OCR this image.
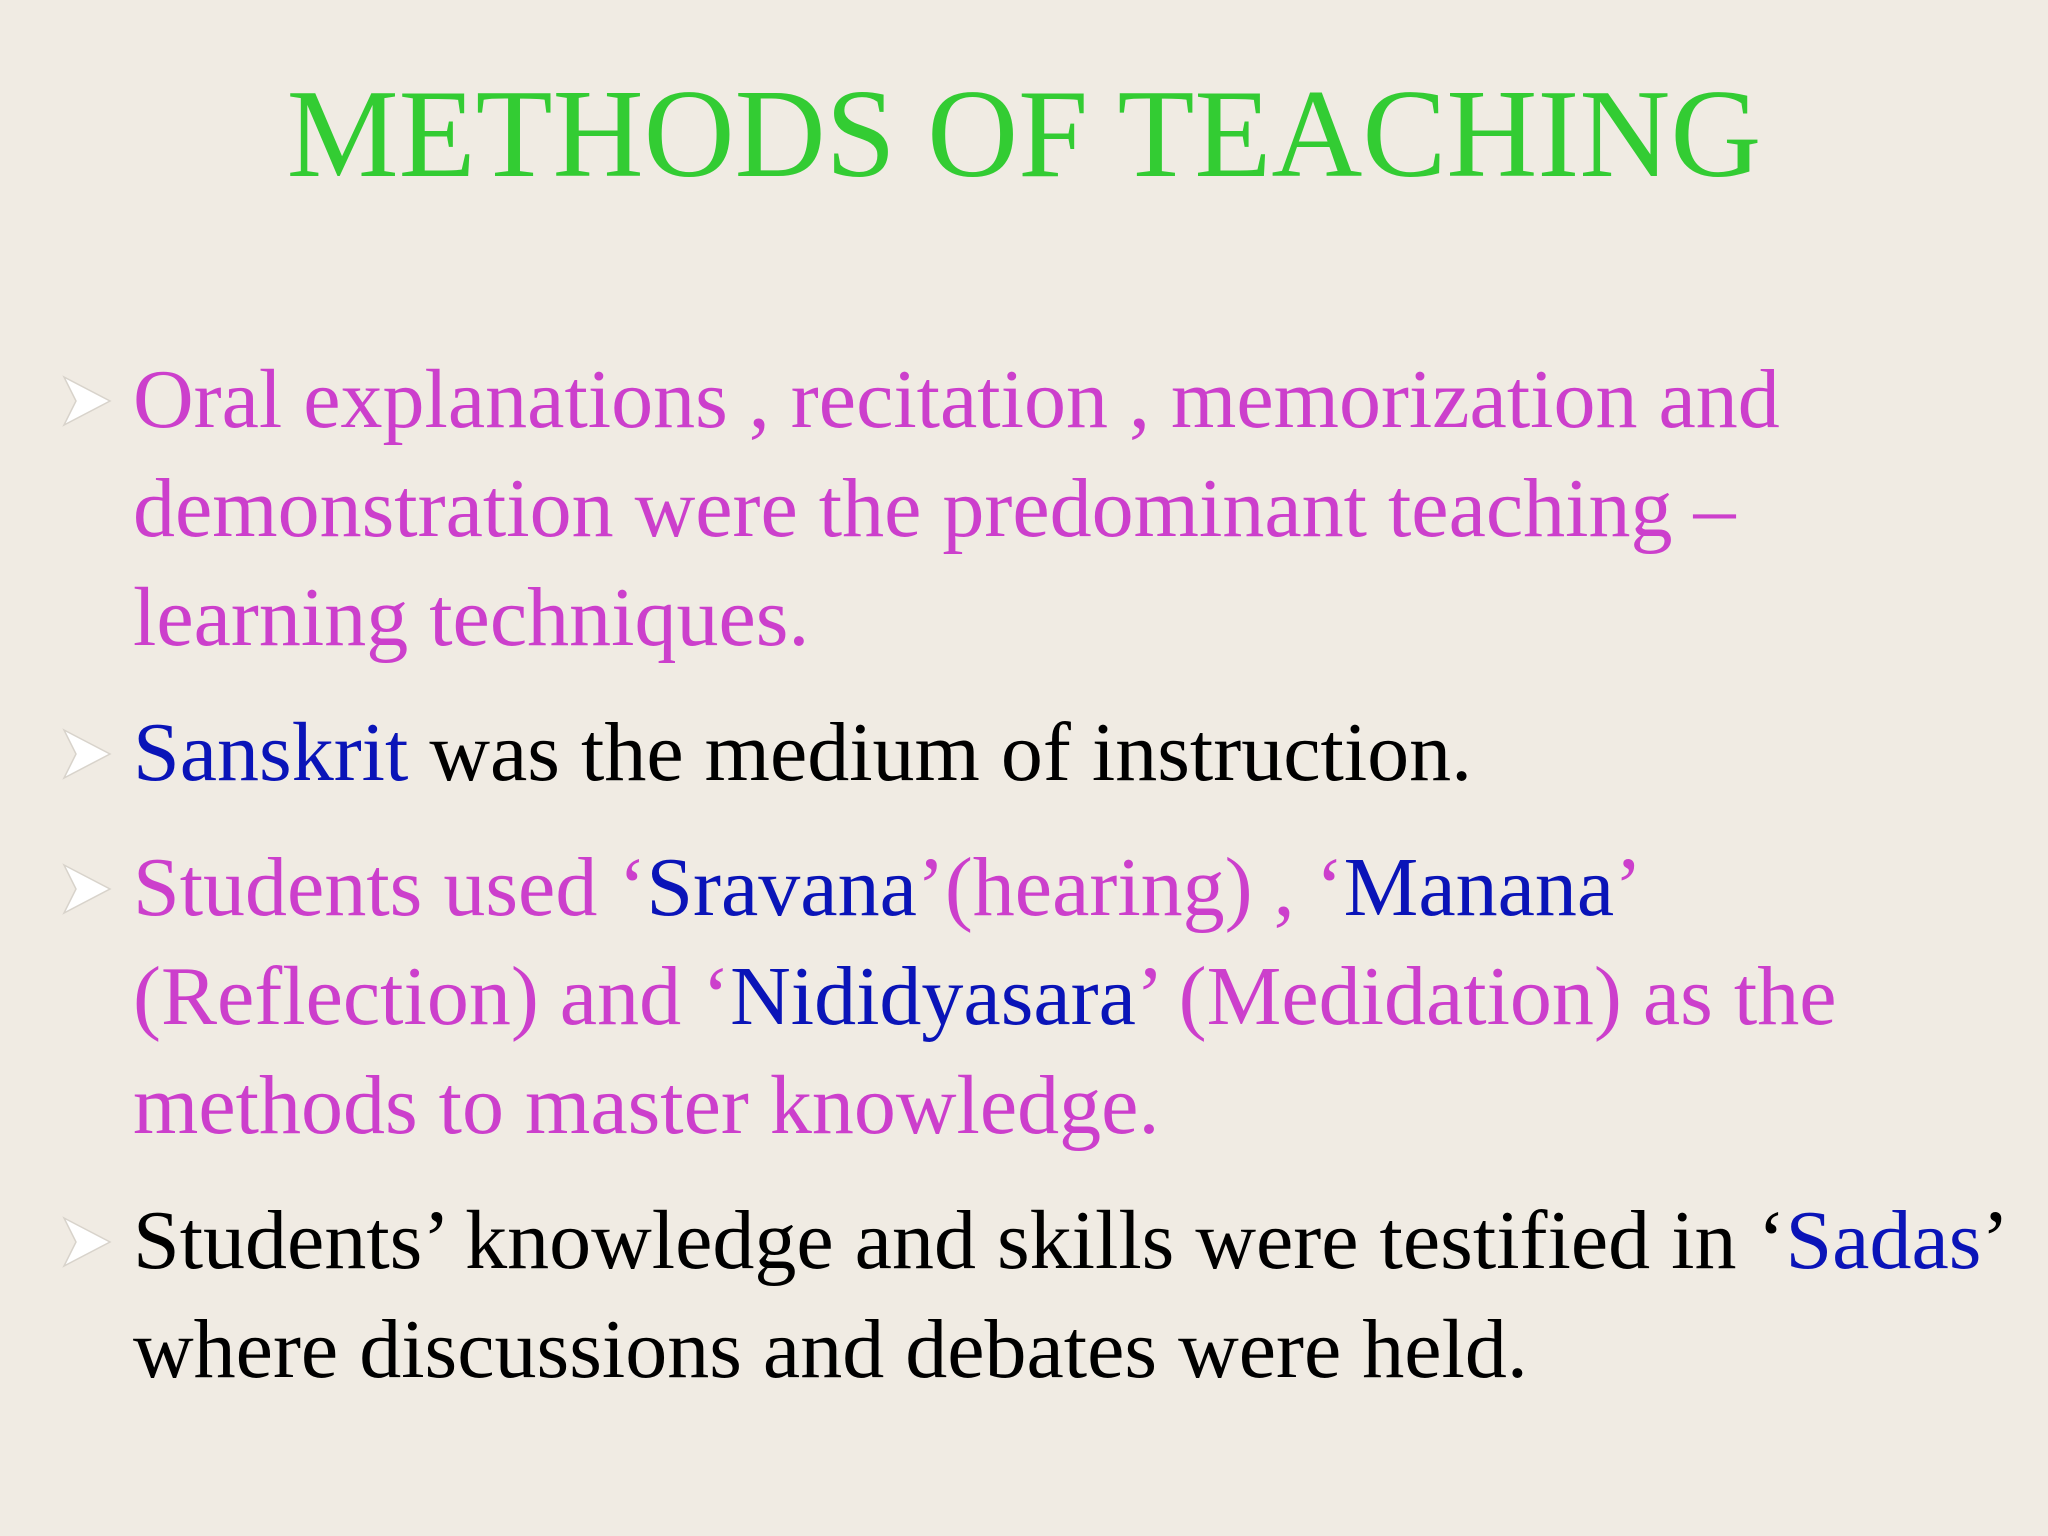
METHODS OF TEACHING
Oral explanations , recitation , memorization and demonstration were the predominant teaching – learning techniques.
Sanskrit was the medium of instruction.
Students used ‘Sravana’(hearing) , ‘Manana’ (Reflection) and ‘Nididyasara’ (Medidation) as the methods to master knowledge.
Students’ knowledge and skills were testified in ‘Sadas’ where discussions and debates were held.
